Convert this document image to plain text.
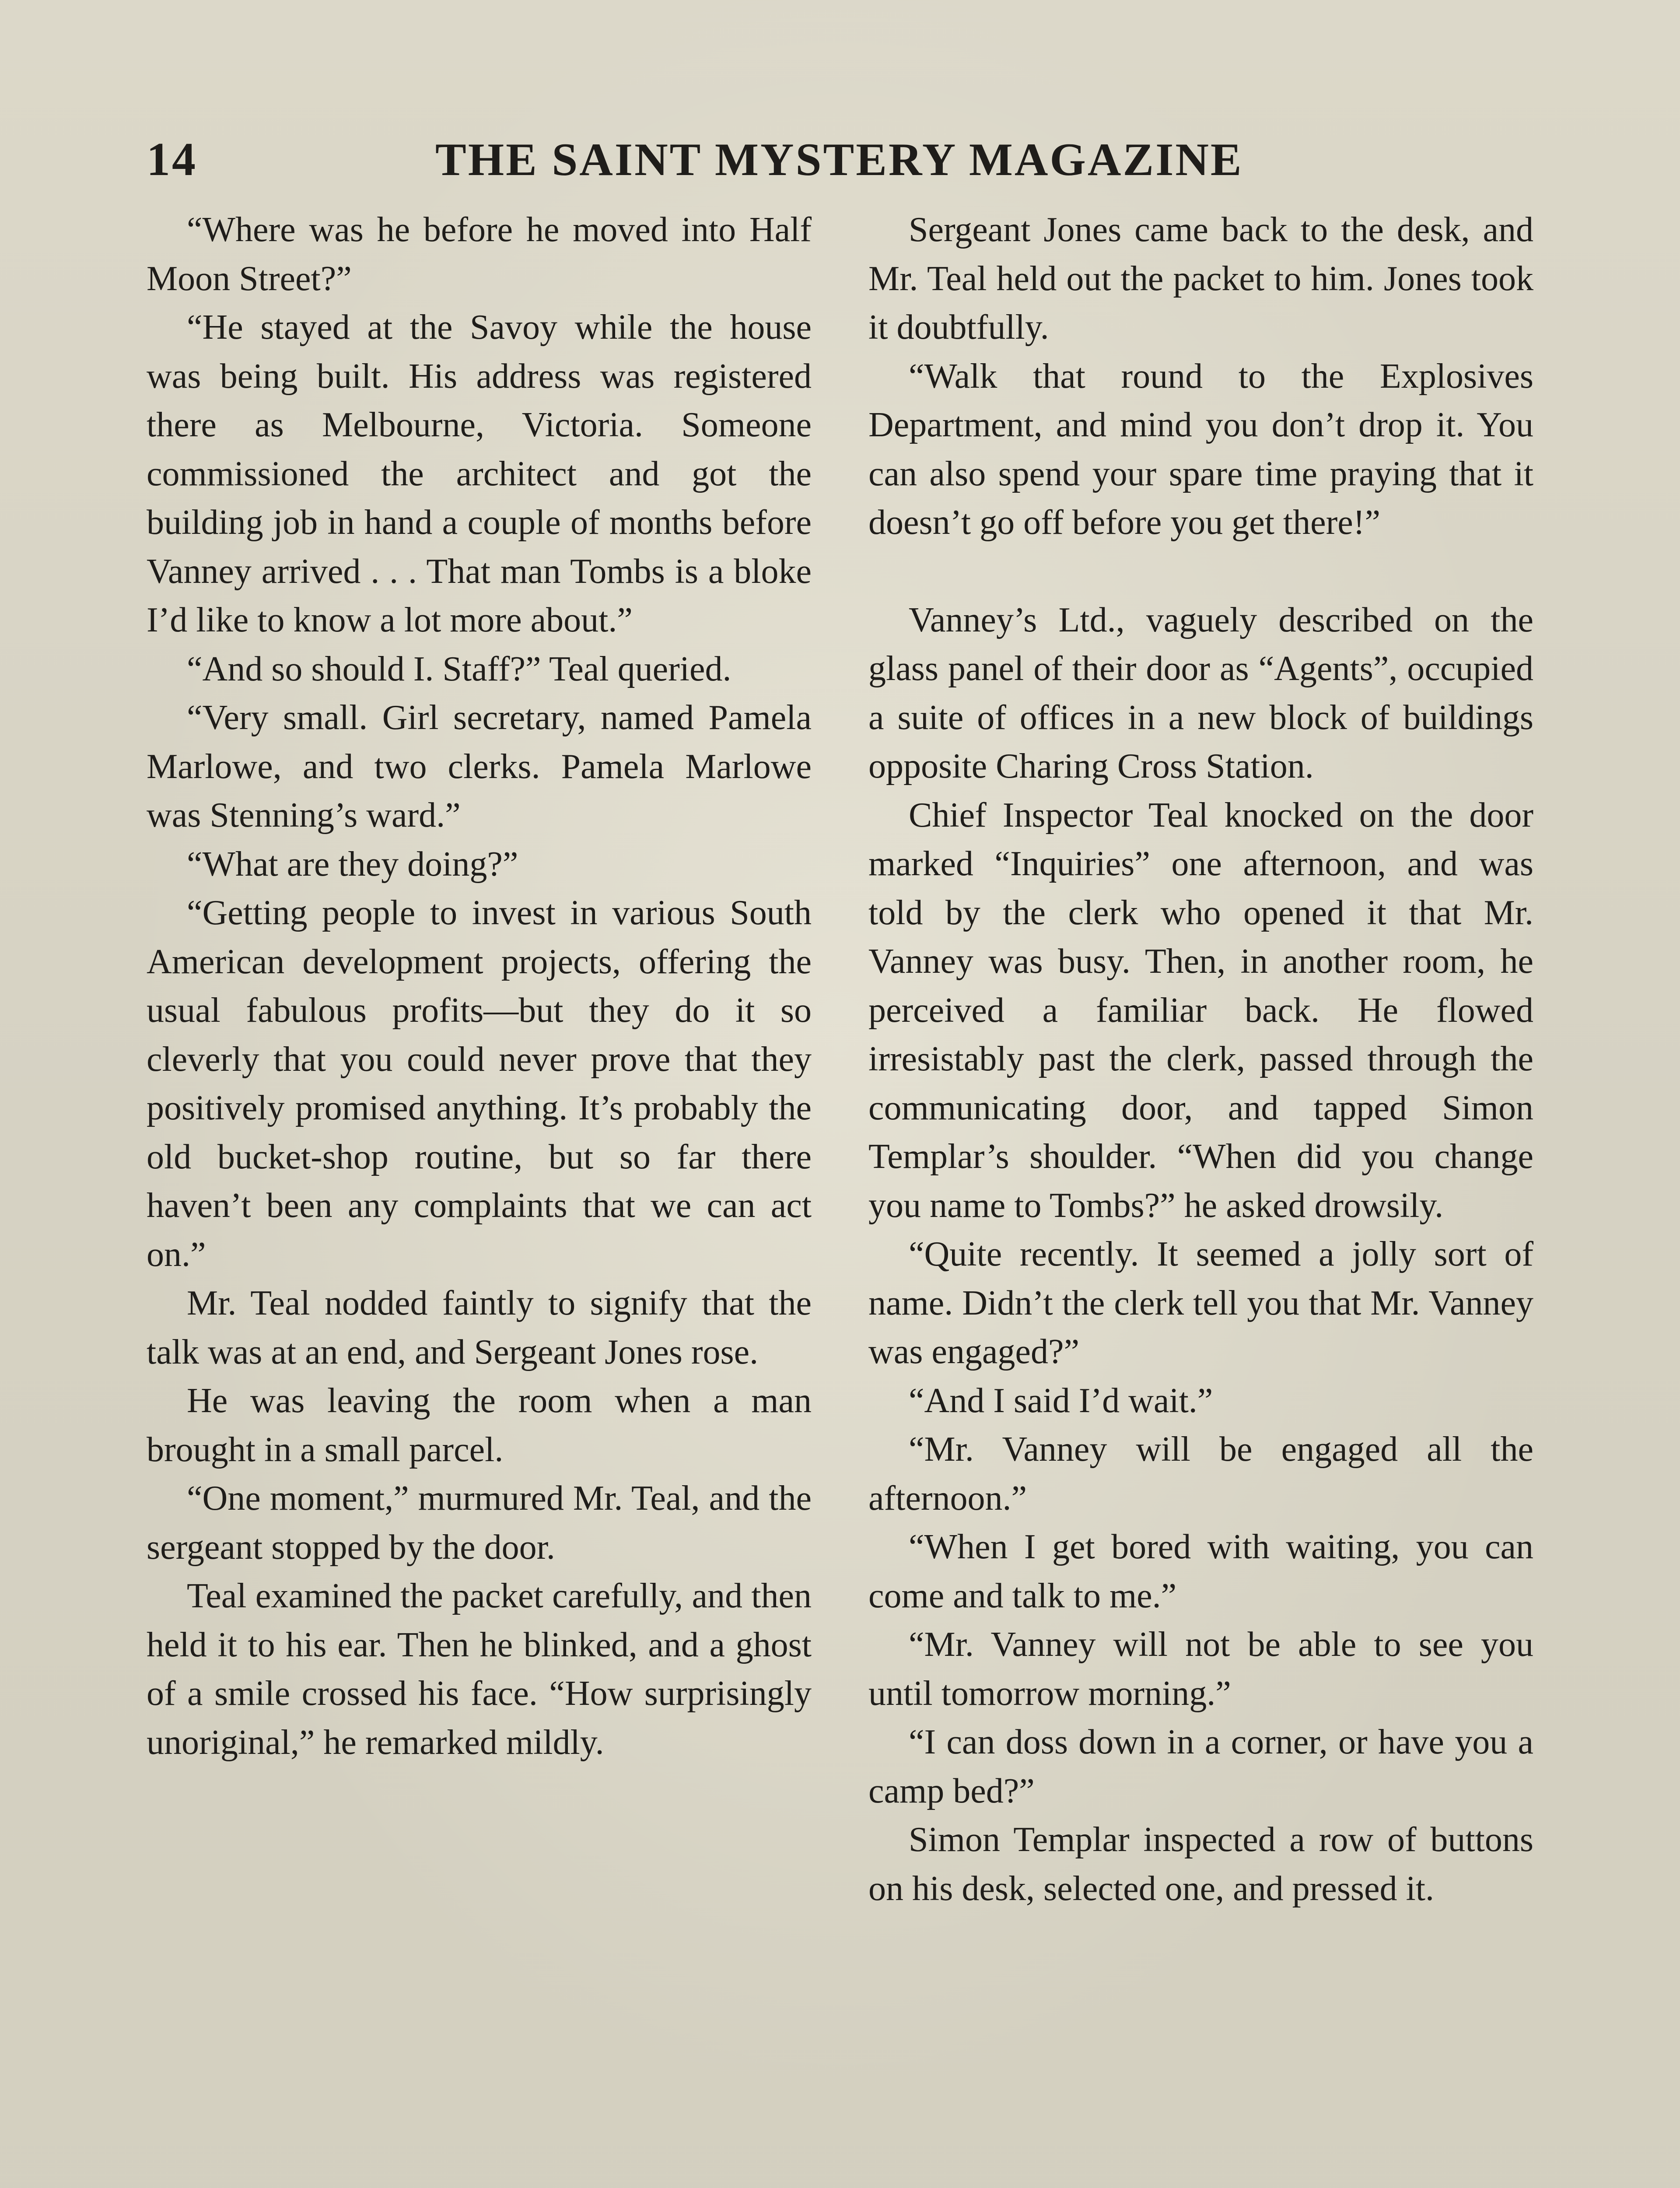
14	THE SAINT MYSTERY MAGAZINE

“Where was he before he moved into Half Moon Street?”

“He stayed at the Savoy while the house was being built. His address was registered there as Melbourne, Victoria. Someone commissioned the architect and got the building job in hand a couple of months before Vanney arrived . . . That man Tombs is a bloke I’d like to know a lot more about.”

“And so should I. Staff?” Teal queried.

“Very small. Girl secretary, named Pamela Marlowe, and two clerks. Pamela Marlowe was Stenning’s ward.”

“What are they doing?”

“Getting people to invest in various South American development projects, offering the usual fabulous profits—but they do it so cleverly that you could never prove that they positively promised anything. It’s probably the old bucket-shop routine, but so far there haven’t been any complaints that we can act on.”

Mr. Teal nodded faintly to signify that the talk was at an end, and Sergeant Jones rose.

He was leaving the room when a man brought in a small parcel.

“One moment,” murmured Mr. Teal, and the sergeant stopped by the door.

Teal examined the packet carefully, and then held it to his ear. Then he blinked, and a ghost of a smile crossed his face. “How surprisingly unoriginal,” he remarked mildly.

Sergeant Jones came back to the desk, and Mr. Teal held out the packet to him. Jones took it doubtfully.

“Walk that round to the Explosives Department, and mind you don’t drop it. You can also spend your spare time praying that it doesn’t go off before you get there!”

Vanney’s Ltd., vaguely described on the glass panel of their door as “Agents”, occupied a suite of offices in a new block of buildings opposite Charing Cross Station.

Chief Inspector Teal knocked on the door marked “Inquiries” one afternoon, and was told by the clerk who opened it that Mr. Vanney was busy. Then, in another room, he perceived a familiar back. He flowed irresistably past the clerk, passed through the communicating door, and tapped Simon Templar’s shoulder. “When did you change you name to Tombs?” he asked drowsily.

“Quite recently. It seemed a jolly sort of name. Didn’t the clerk tell you that Mr. Vanney was engaged?”

“And I said I’d wait.”

“Mr. Vanney will be engaged all the afternoon.”

“When I get bored with waiting, you can come and talk to me.”

“Mr. Vanney will not be able to see you until tomorrow morning.”

“I can doss down in a corner, or have you a camp bed?”

Simon Templar inspected a row of buttons on his desk, selected one, and pressed it.
